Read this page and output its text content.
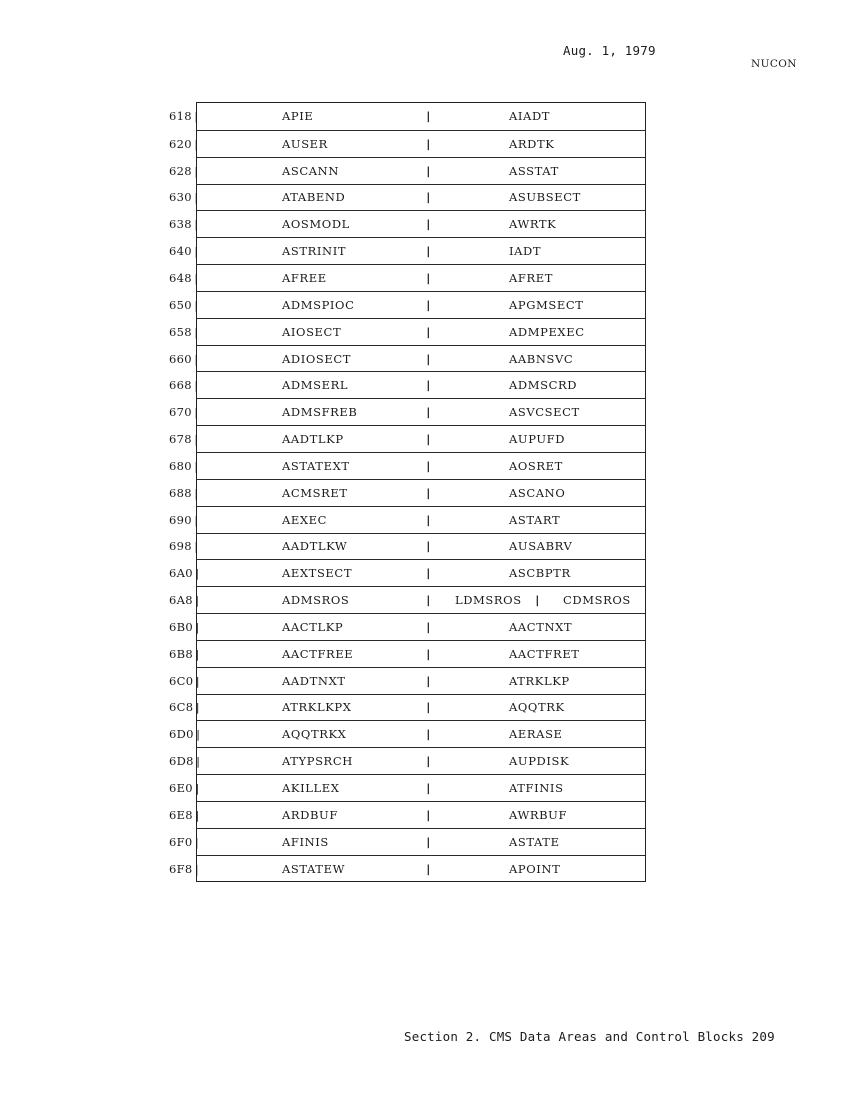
Aug. 1, 1979
NUCON
618 |	APIE	|	AIADT
620 |	AUSER	|	ARDTK
628 |	ASCANN	|	ASSTAT
630 |	ATABEND	|	ASUBSECT
638 |	AOSMODL	|	AWRTK
640 |	ASTRINIT	|	IADT
648 |	AFREE	|	AFRET
650 |	ADMSPIOC	|	APGMSECT
658 |	AIOSECT	|	ADMPEXEC
660 |	ADIOSECT	|	AABNSVC
668 |	ADMSERL	|	ADMSCRD
670 |	ADMSFREB	|	ASVCSECT
678 |	AADTLKP	|	AUPUFD
680 |	ASTATEXT	|	AOSRET
688 |	ACMSRET	|	ASCANO
690 |	AEXEC	|	ASTART
698 |	AADTLKW	|	AUSABRV
6A0 |	AEXTSECT	|	ASCBPTR
6A8 |	ADMSROS	| LDMSROS | CDMSROS
6B0 |	AACTLKP	|	AACTNXT
6B8 |	AACTFREE	|	AACTFRET
6C0 |	AADTNXT	|	ATRKLKP
6C8 |	ATRKLKPX	|	AQQTRK
6D0 |	AQQTRKX	|	AERASE
6D8 |	ATYPSRCH	|	AUPDISK
6E0 |	AKILLEX	|	ATFINIS
6E8 |	ARDBUF	|	AWRBUF
6F0 |	AFINIS	|	ASTATE
6F8 |	ASTATEW	|	APOINT
Section 2. CMS Data Areas and Control Blocks 209
